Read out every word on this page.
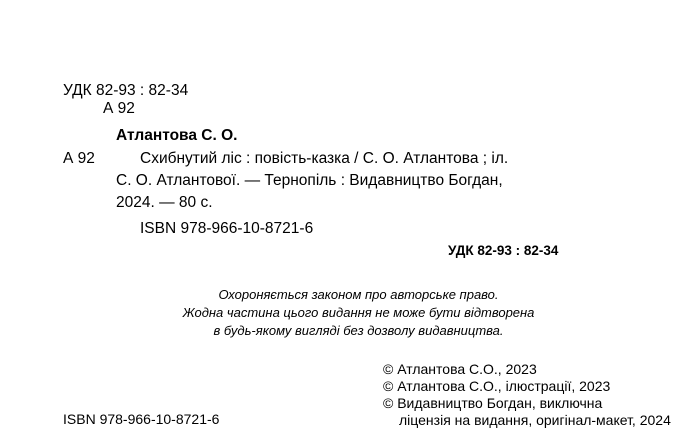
УДК 82-93 : 82-34
А 92
Атлантова С. О.
А 92	Схибнутий ліс : повість-казка / С. О. Атлантова ; іл.
С. О. Атлантової. — Тернопіль : Видавництво Богдан,
2024. — 80 с.
ISBN 978-966-10-8721-6
УДК 82-93 : 82-34
Охороняється законом про авторське право.
Жодна частина цього видання не може бути відтворена
в будь-якому вигляді без дозволу видавництва.
ISBN 978-966-10-8721-6
© Атлантова С.О., 2023
© Атлантова С.О., ілюстрації, 2023
© Видавництво Богдан, виключна
ліцензія на видання, оригінал-макет, 2024
